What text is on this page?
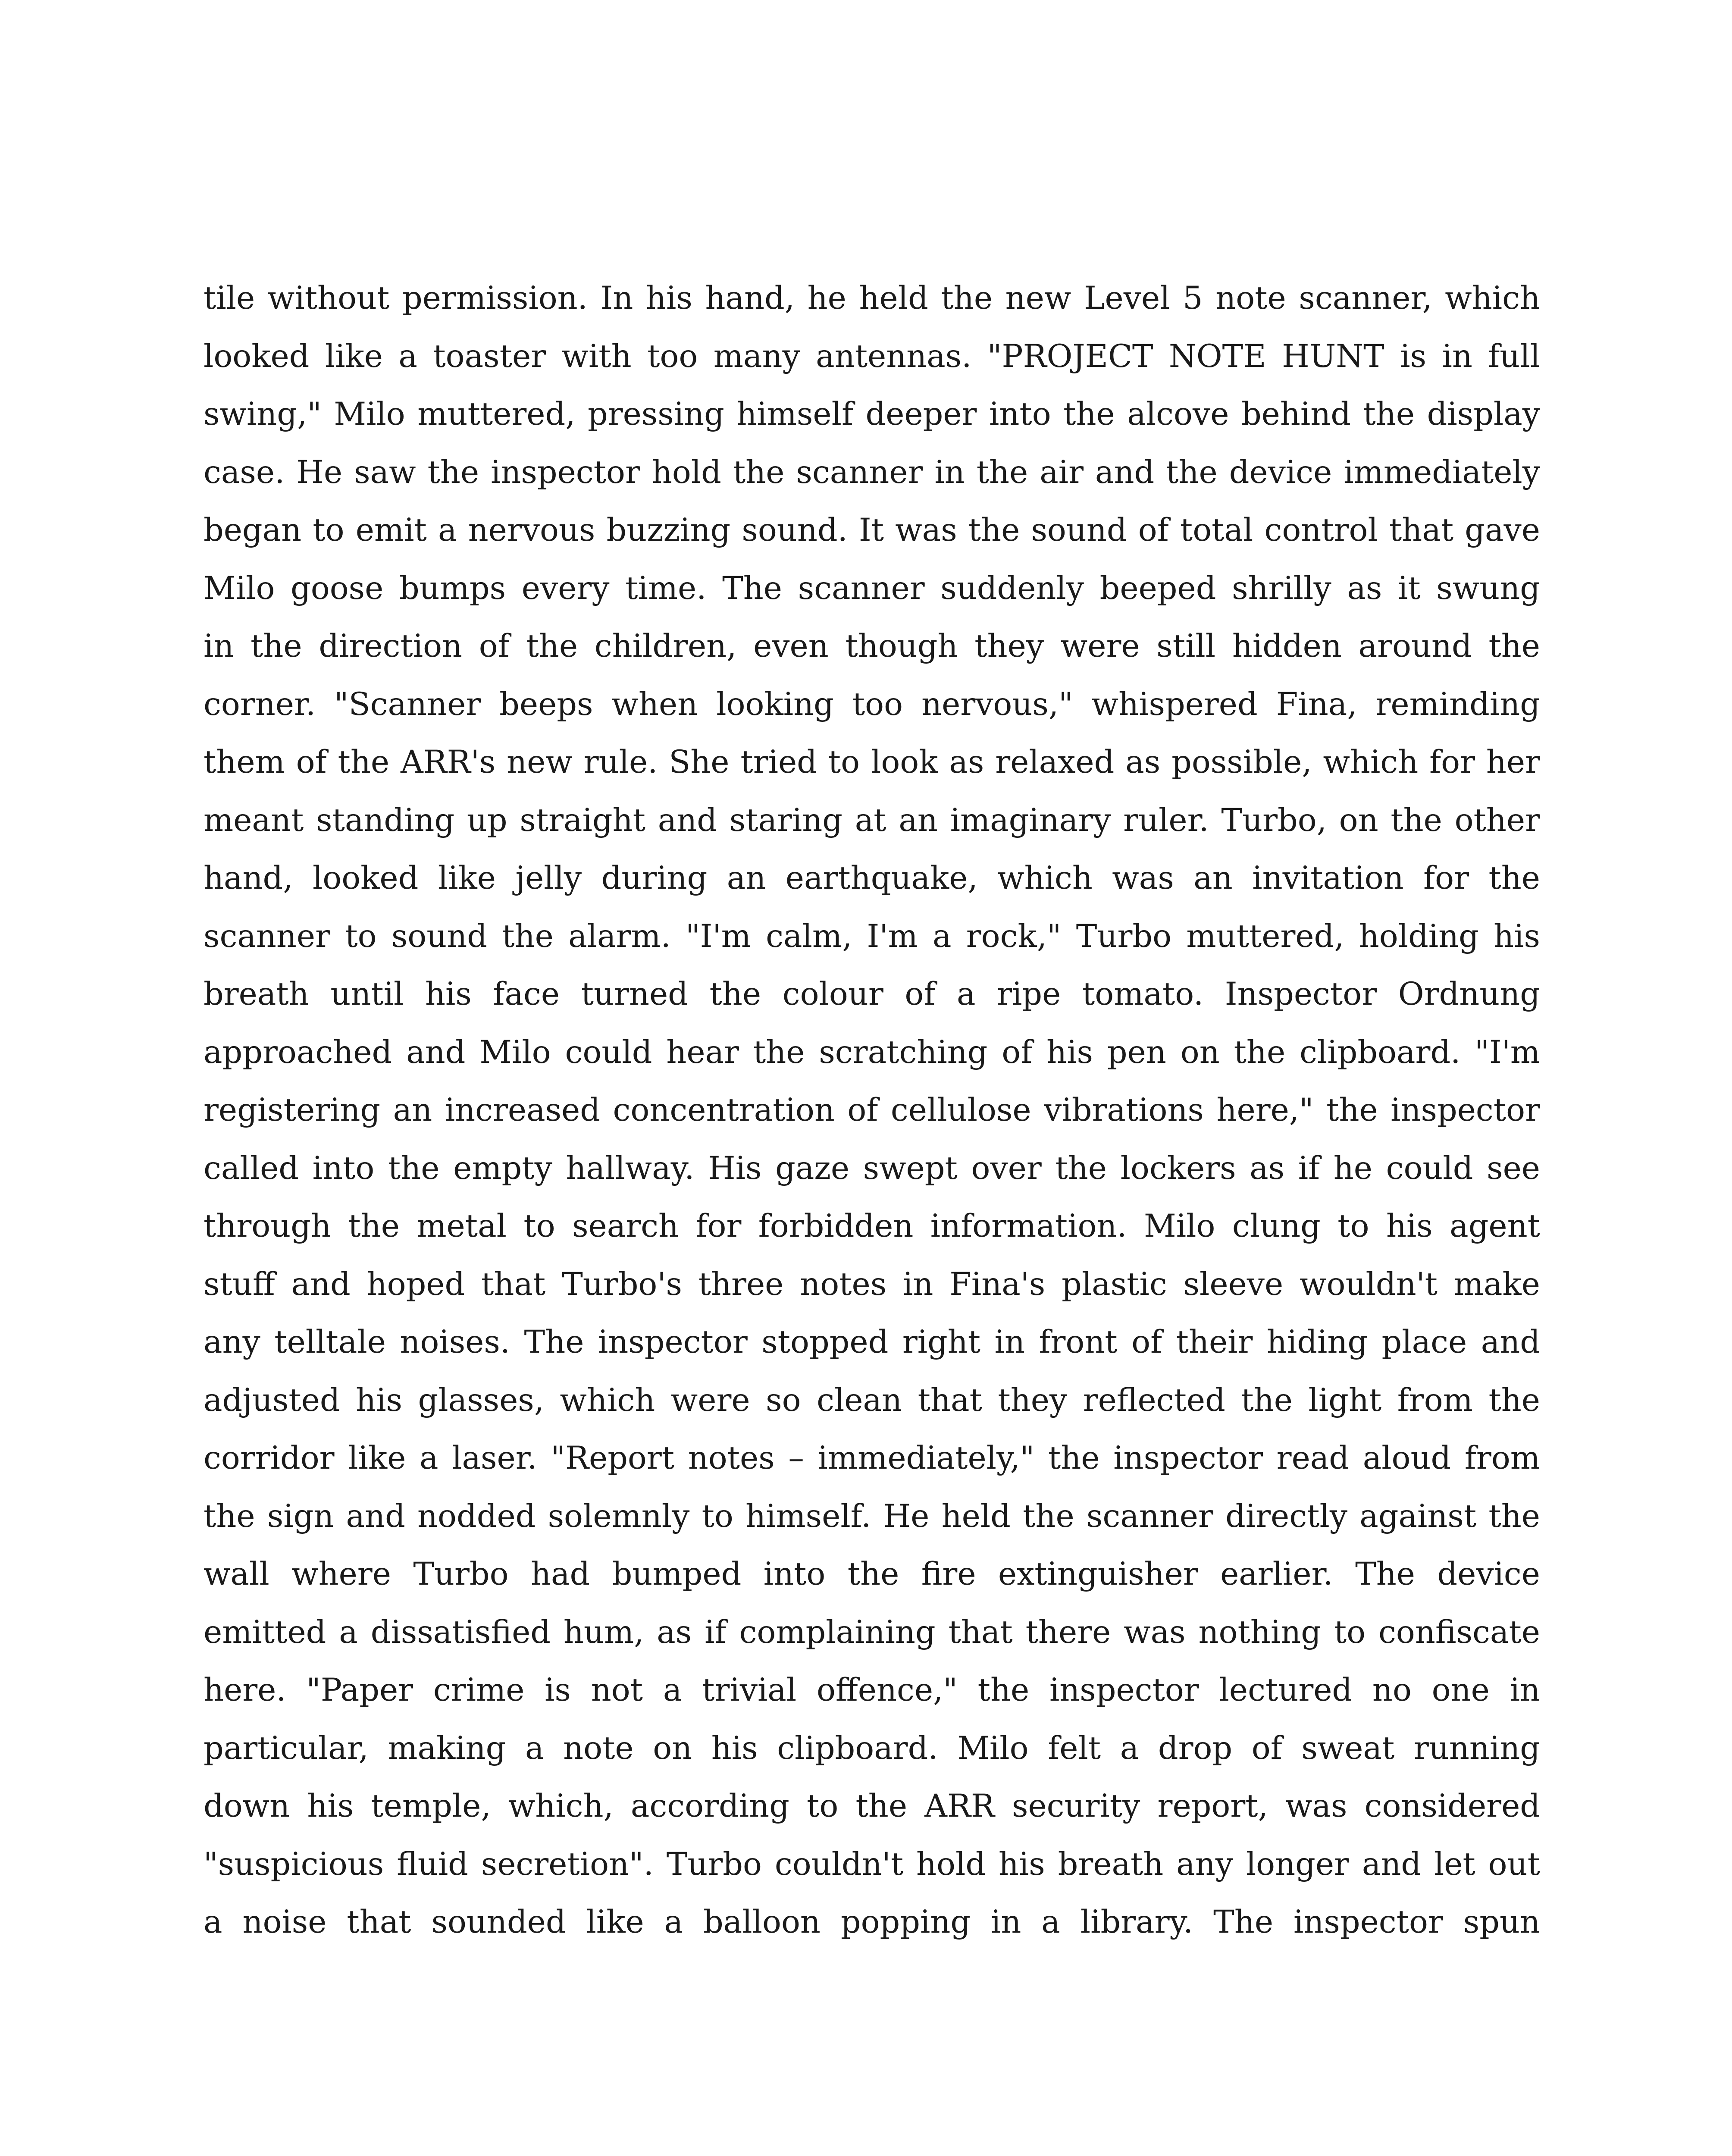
tile without permission. In his hand, he held the new Level 5 note scanner, which
looked like a toaster with too many antennas. "PROJECT NOTE HUNT is in full
swing," Milo muttered, pressing himself deeper into the alcove behind the display
case. He saw the inspector hold the scanner in the air and the device immediately
began to emit a nervous buzzing sound. It was the sound of total control that gave
Milo goose bumps every time. The scanner suddenly beeped shrilly as it swung
in the direction of the children, even though they were still hidden around the
corner. "Scanner beeps when looking too nervous," whispered Fina, reminding
them of the ARR's new rule. She tried to look as relaxed as possible, which for her
meant standing up straight and staring at an imaginary ruler. Turbo, on the other
hand, looked like jelly during an earthquake, which was an invitation for the
scanner to sound the alarm. "I'm calm, I'm a rock," Turbo muttered, holding his
breath until his face turned the colour of a ripe tomato. Inspector Ordnung
approached and Milo could hear the scratching of his pen on the clipboard. "I'm
registering an increased concentration of cellulose vibrations here," the inspector
called into the empty hallway. His gaze swept over the lockers as if he could see
through the metal to search for forbidden information. Milo clung to his agent
stuff and hoped that Turbo's three notes in Fina's plastic sleeve wouldn't make
any telltale noises. The inspector stopped right in front of their hiding place and
adjusted his glasses, which were so clean that they reflected the light from the
corridor like a laser. "Report notes – immediately," the inspector read aloud from
the sign and nodded solemnly to himself. He held the scanner directly against the
wall where Turbo had bumped into the fire extinguisher earlier. The device
emitted a dissatisfied hum, as if complaining that there was nothing to confiscate
here. "Paper crime is not a trivial offence," the inspector lectured no one in
particular, making a note on his clipboard. Milo felt a drop of sweat running
down his temple, which, according to the ARR security report, was considered
"suspicious fluid secretion". Turbo couldn't hold his breath any longer and let out
a noise that sounded like a balloon popping in a library. The inspector spun
